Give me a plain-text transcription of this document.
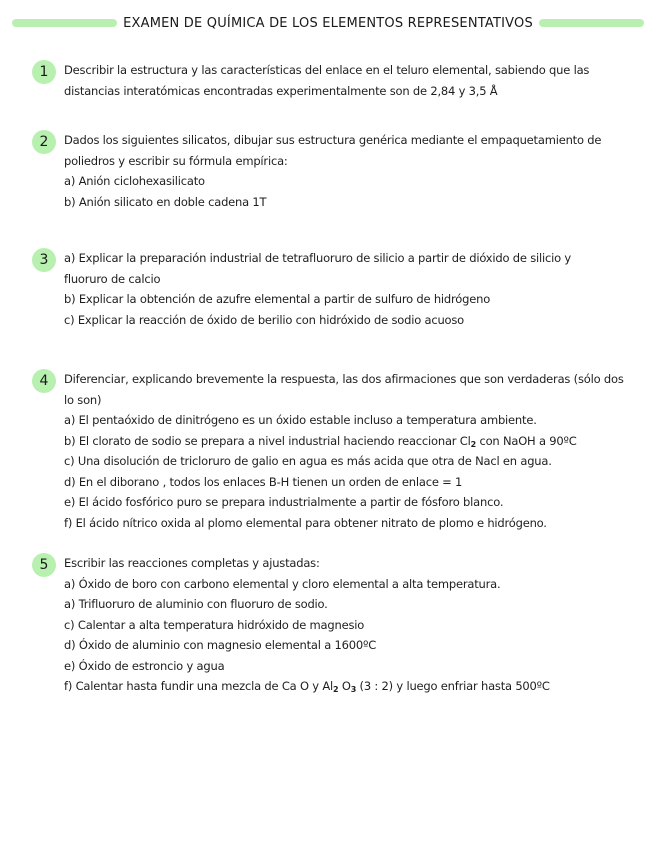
EXAMEN DE QUÍMICA DE LOS ELEMENTOS REPRESENTATIVOS
1	Describir la estructura y las características del enlace en el teluro elemental, sabiendo que las
distancias interatómicas encontradas experimentalmente son de 2,84 y 3,5 Å
2	Dados los siguientes silicatos, dibujar sus estructura genérica mediante el empaquetamiento de
poliedros y escribir su fórmula empírica:
a) Anión ciclohexasilicato
b) Anión silicato en doble cadena 1T
3	a) Explicar la preparación industrial de tetrafluoruro de silicio a partir de dióxido de silicio y
fluoruro de calcio
b) Explicar la obtención de azufre elemental a partir de sulfuro de hidrógeno
c) Explicar la reacción de óxido de berilio con hidróxido de sodio acuoso
4	Diferenciar, explicando brevemente la respuesta, las dos afirmaciones que son verdaderas (sólo dos
lo son)
a) El pentaóxido de dinitrógeno es un óxido estable incluso a temperatura ambiente.
b) El clorato de sodio se prepara a nivel industrial haciendo reaccionar $Cl_2$ con NaOH a 90ºC
c) Una disolución de tricloruro de galio en agua es más acida que otra de Nacl en agua.
d) En el diborano , todos los enlaces B-H tienen un orden de enlace = 1
e) El ácido fosfórico puro se prepara industrialmente a partir de fósforo blanco.
f) El ácido nítrico oxida al plomo elemental para obtener nitrato de plomo e hidrógeno.
5	Escribir las reacciones completas y ajustadas:
a) Óxido de boro con carbono elemental y cloro elemental a alta temperatura.
a) Trifluoruro de aluminio con fluoruro de sodio.
c) Calentar a alta temperatura hidróxido de magnesio
d) Óxido de aluminio con magnesio elemental a 1600ºC
e) Óxido de estroncio y agua
f) Calentar hasta fundir una mezcla de Ca O y $Al_2$ $O_3$ (3 : 2) y luego enfriar hasta 500ºC
